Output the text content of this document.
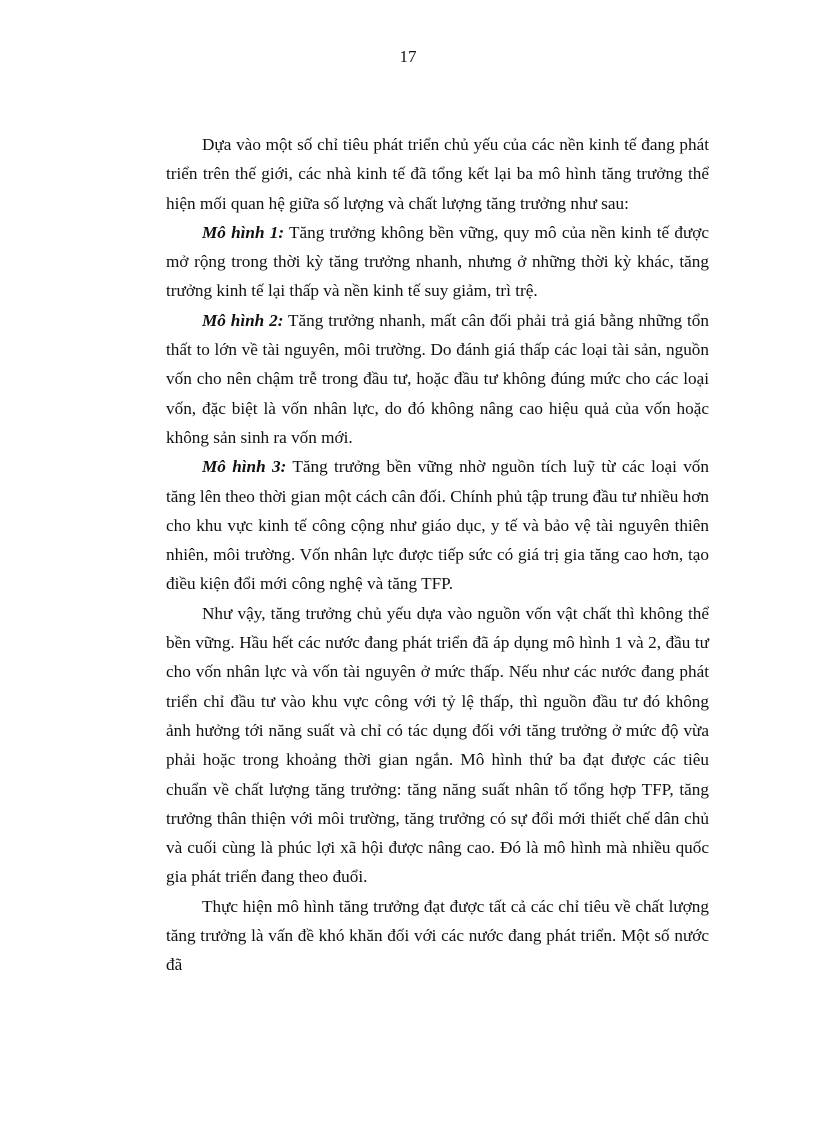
17

Dựa vào một số chỉ tiêu phát triển chủ yếu của các nền kinh tế đang phát triển trên thế giới, các nhà kinh tế đã tổng kết lại ba mô hình tăng trưởng thể hiện mối quan hệ giữa số lượng và chất lượng tăng trưởng như sau:

Mô hình 1: Tăng trưởng không bền vững, quy mô của nền kinh tế được mở rộng trong thời kỳ tăng trưởng nhanh, nhưng ở những thời kỳ khác, tăng trưởng kinh tế lại thấp và nền kinh tế suy giảm, trì trệ.

Mô hình 2: Tăng trưởng nhanh, mất cân đối phải trả giá bằng những tổn thất to lớn về tài nguyên, môi trường. Do đánh giá thấp các loại tài sản, nguồn vốn cho nên chậm trễ trong đầu tư, hoặc đầu tư không đúng mức cho các loại vốn, đặc biệt là vốn nhân lực, do đó không nâng cao hiệu quả của vốn hoặc không sản sinh ra vốn mới.

Mô hình 3: Tăng trưởng bền vững nhờ nguồn tích luỹ từ các loại vốn tăng lên theo thời gian một cách cân đối. Chính phủ tập trung đầu tư nhiều hơn cho khu vực kinh tế công cộng như giáo dục, y tế và bảo vệ tài nguyên thiên nhiên, môi trường. Vốn nhân lực được tiếp sức có giá trị gia tăng cao hơn, tạo điều kiện đổi mới công nghệ và tăng TFP.

Như vậy, tăng trưởng chủ yếu dựa vào nguồn vốn vật chất thì không thể bền vững. Hầu hết các nước đang phát triển đã áp dụng mô hình 1 và 2, đầu tư cho vốn nhân lực và vốn tài nguyên ở mức thấp. Nếu như các nước đang phát triển chỉ đầu tư vào khu vực công với tỷ lệ thấp, thì nguồn đầu tư đó không ảnh hưởng tới năng suất và chỉ có tác dụng đối với tăng trưởng ở mức độ vừa phải hoặc trong khoảng thời gian ngắn. Mô hình thứ ba đạt được các tiêu chuẩn về chất lượng tăng trưởng: tăng năng suất nhân tố tổng hợp TFP, tăng trưởng thân thiện với môi trường, tăng trưởng có sự đổi mới thiết chế dân chủ và cuối cùng là phúc lợi xã hội được nâng cao. Đó là mô hình mà nhiều quốc gia phát triển đang theo đuổi.

Thực hiện mô hình tăng trưởng đạt được tất cả các chỉ tiêu về chất lượng tăng trưởng là vấn đề khó khăn đối với các nước đang phát triển. Một số nước đã
